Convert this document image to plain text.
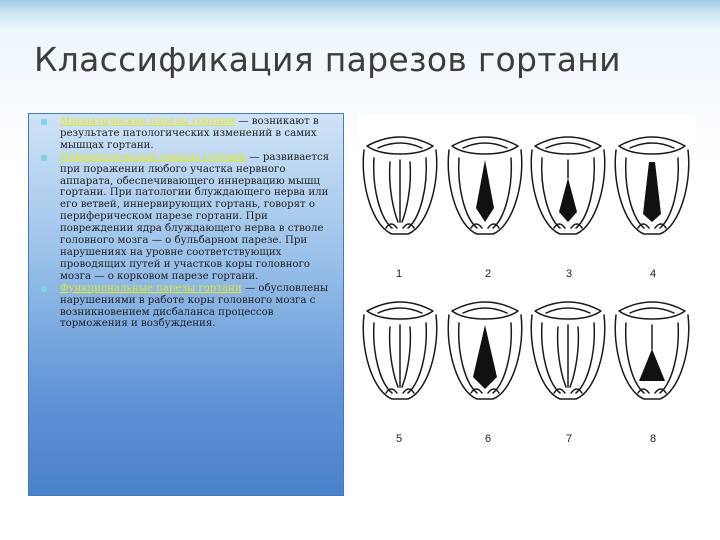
Классификация парезов гортани
Миопатические парезы гортани — возникают в результате патологических изменений в самих мышцах гортани.
Нейропатические парезы гортани — развивается при поражении любого участка нервного аппарата, обеспечивающего иннервацию мышц гортани. При патологии блуждающего нерва или его ветвей, иннервирующих гортань, говорят о периферическом парезе гортани. При повреждении ядра блуждающего нерва в стволе головного мозга — о бульбарном парезе. При нарушениях на уровне соответствующих проводящих путей и участков коры головного мозга — о корковом парезе гортани.
Функциональные парезы гортани — обусловлены нарушениями в работе коры головного мозга с возникновением дисбаланса процессов торможения и возбуждения.
1	2	3	4
5	6	7	8
